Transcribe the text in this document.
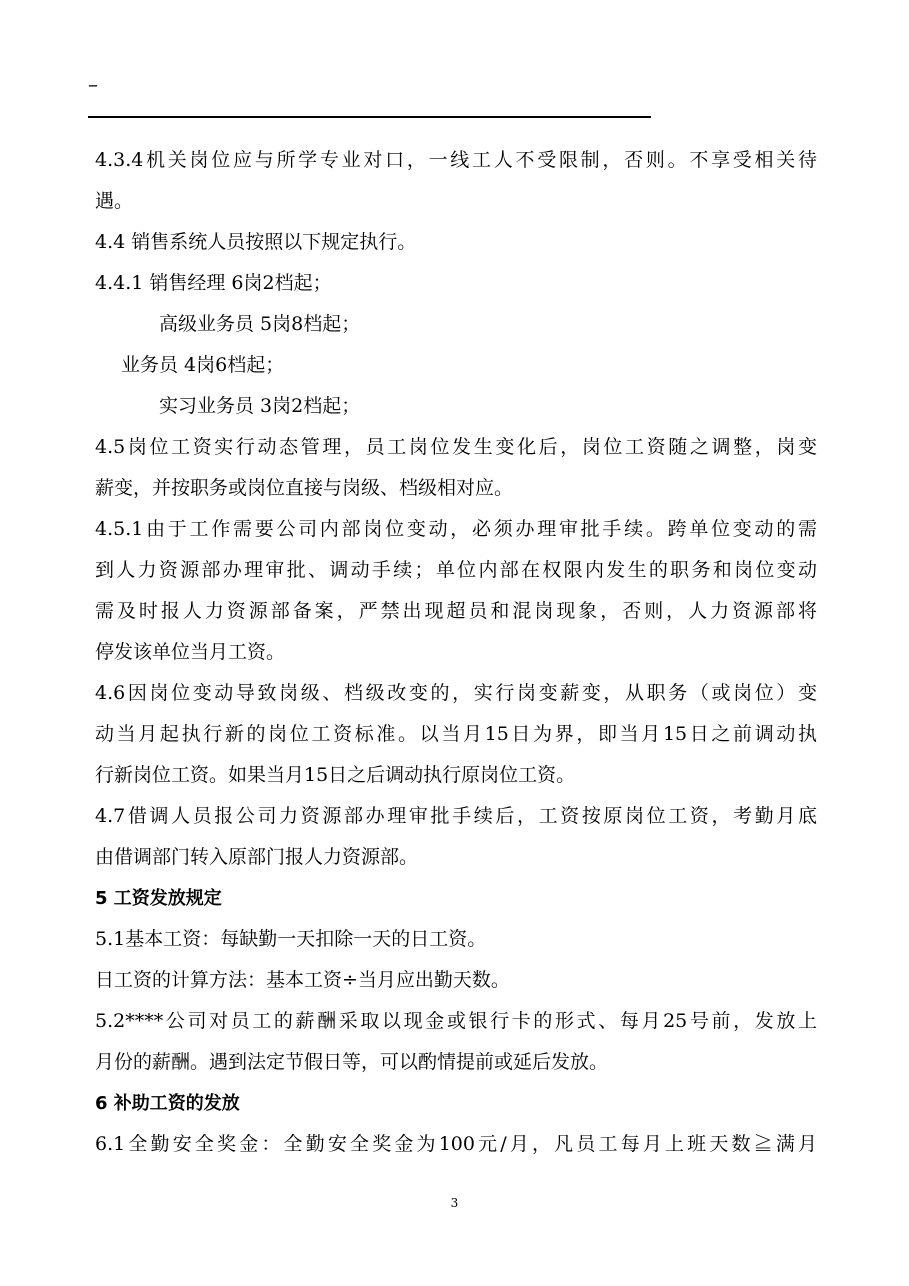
–
4.3.4机关岗位应与所学专业对口，一线工人不受限制，否则。不享受相关待
遇。
4.4 销售系统人员按照以下规定执行。
4.4.1 销售经理 6岗2档起；
高级业务员 5岗8档起；
业务员 4岗6档起；
实习业务员 3岗2档起；
4.5岗位工资实行动态管理，员工岗位发生变化后，岗位工资随之调整，岗变
薪变，并按职务或岗位直接与岗级、档级相对应。
4.5.1由于工作需要公司内部岗位变动，必须办理审批手续。跨单位变动的需
到人力资源部办理审批、调动手续；单位内部在权限内发生的职务和岗位变动
需及时报人力资源部备案，严禁出现超员和混岗现象，否则，人力资源部将
停发该单位当月工资。
4.6因岗位变动导致岗级、档级改变的，实行岗变薪变，从职务（或岗位）变
动当月起执行新的岗位工资标准。以当月15日为界，即当月15日之前调动执
行新岗位工资。如果当月15日之后调动执行原岗位工资。
4.7借调人员报公司力资源部办理审批手续后，工资按原岗位工资，考勤月底
由借调部门转入原部门报人力资源部。
5 工资发放规定
5.1基本工资：每缺勤一天扣除一天的日工资。
日工资的计算方法：基本工资÷当月应出勤天数。
5.2****公司对员工的薪酬采取以现金或银行卡的形式、每月25号前，发放上
月份的薪酬。遇到法定节假日等，可以酌情提前或延后发放。
6 补助工资的发放
6.1全勤安全奖金：全勤安全奖金为100元/月，凡员工每月上班天数≧满月
3
